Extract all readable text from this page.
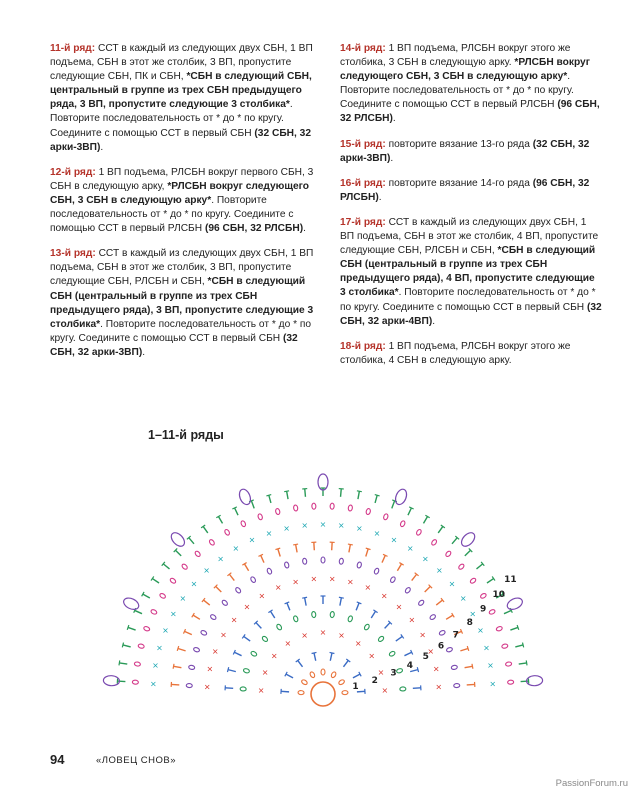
11-й ряд: ССТ в каждый из следующих двух СБН, 1 ВП подъема, СБН в этот же столбик, 3 ВП, пропустите следующие СБН, ПК и СБН, *СБН в следующий СБН, центральный в группе из трех СБН предыдущего ряда, 3 ВП, пропустите следующие 3 столбика*. Повторите последовательность от * до * по кругу. Соедините с помощью ССТ в первый СБН (32 СБН, 32 арки-3ВП).

12-й ряд: 1 ВП подъема, РЛСБН вокруг первого СБН, 3 СБН в следующую арку, *РЛСБН вокруг следующего СБН, 3 СБН в следующую арку*. Повторите последовательность от * до * по кругу. Соедините с помощью ССТ в первый РЛСБН (96 СБН, 32 РЛСБН).

13-й ряд: ССТ в каждый из следующих двух СБН, 1 ВП подъема, СБН в этот же столбик, 3 ВП, пропустите следующие СБН, РЛСБН и СБН, *СБН в следующий СБН (центральный в группе из трех СБН предыдущего ряда), 3 ВП, пропустите следующие 3 столбика*. Повторите последовательность от * до * по кругу. Соедините с помощью ССТ в первый СБН (32 СБН, 32 арки-3ВП).

14-й ряд: 1 ВП подъема, РЛСБН вокруг этого же столбика, 3 СБН в следующую арку. *РЛСБН вокруг следующего СБН, 3 СБН в следующую арку*. Повторите последовательность от * до * по кругу. Соедините с помощью ССТ в первый РЛСБН (96 СБН, 32 РЛСБН).

15-й ряд: повторите вязание 13-го ряда (32 СБН, 32 арки-3ВП).

16-й ряд: повторите вязание 14-го ряда (96 СБН, 32 РЛСБН).

17-й ряд: ССТ в каждый из следующих двух СБН, 1 ВП подъема, СБН в этот же столбик, 4 ВП, пропустите следующие СБН, РЛСБН и СБН, *СБН в следующий СБН (центральный в группе из трех СБН предыдущего ряда), 4 ВП, пропустите следующие 3 столбика*. Повторите последовательность от * до * по кругу. Соедините с помощью ССТ в первый СБН (32 СБН, 32 арки-4ВП).

18-й ряд: 1 ВП подъема, РЛСБН вокруг этого же столбика, 4 СБН в следующую арку.

1–11-й ряды
×
×
×
×
× × ×
×
×
×
×
×
×
×
×
×
×
×
×
× × × ×
×
×
×
×
×
×
×
×
×
×
×
×
×
×
×
×
×
×
×
×
× × × × ×
×
×
×
×
×
×
×
×
×
×
×
×
1
2
3
4
5
6
7
8
9
10
11
94	«ЛОВЕЦ СНОВ»
PassionForum.ru
